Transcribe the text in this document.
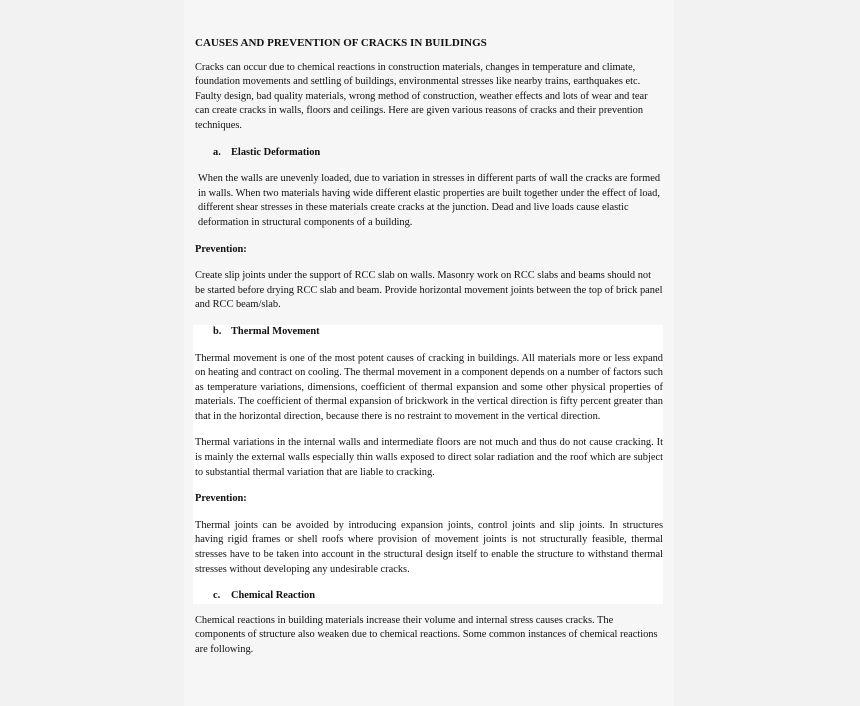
CAUSES AND PREVENTION OF CRACKS IN BUILDINGS

Cracks can occur due to chemical reactions in construction materials, changes in temperature and climate, foundation movements and settling of buildings, environmental stresses like nearby trains, earthquakes etc. Faulty design, bad quality materials, wrong method of construction, weather effects and lots of wear and tear can create cracks in walls, floors and ceilings. Here are given various reasons of cracks and their prevention techniques.

a. Elastic Deformation

When the walls are unevenly loaded, due to variation in stresses in different parts of wall the cracks are formed in walls. When two materials having wide different elastic properties are built together under the effect of load, different shear stresses in these materials create cracks at the junction. Dead and live loads cause elastic deformation in structural components of a building.

Prevention:

Create slip joints under the support of RCC slab on walls. Masonry work on RCC slabs and beams should not be started before drying RCC slab and beam. Provide horizontal movement joints between the top of brick panel and RCC beam/slab.

b. Thermal Movement

Thermal movement is one of the most potent causes of cracking in buildings. All materials more or less expand on heating and contract on cooling. The thermal movement in a component depends on a number of factors such as temperature variations, dimensions, coefficient of thermal expansion and some other physical properties of materials. The coefficient of thermal expansion of brickwork in the vertical direction is fifty percent greater than that in the horizontal direction, because there is no restraint to movement in the vertical direction.

Thermal variations in the internal walls and intermediate floors are not much and thus do not cause cracking. It is mainly the external walls especially thin walls exposed to direct solar radiation and the roof which are subject to substantial thermal variation that are liable to cracking.

Prevention:

Thermal joints can be avoided by introducing expansion joints, control joints and slip joints. In structures having rigid frames or shell roofs where provision of movement joints is not structurally feasible, thermal stresses have to be taken into account in the structural design itself to enable the structure to withstand thermal stresses without developing any undesirable cracks.

c. Chemical Reaction

Chemical reactions in building materials increase their volume and internal stress causes cracks. The components of structure also weaken due to chemical reactions. Some common instances of chemical reactions are following.
